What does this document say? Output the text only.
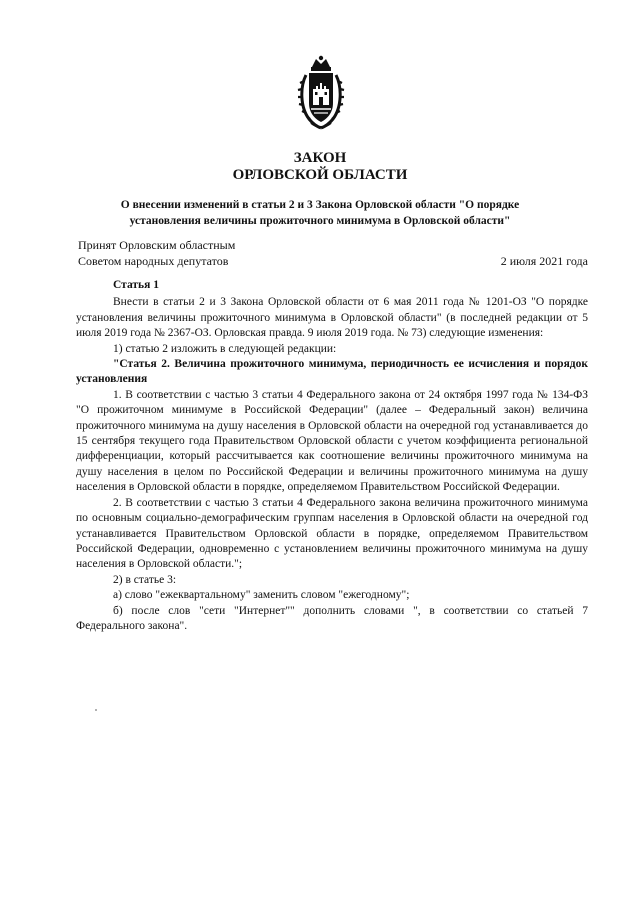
ЗАКОН
ОРЛОВСКОЙ ОБЛАСТИ

О внесении изменений в статьи 2 и 3 Закона Орловской области "О порядке установления величины прожиточного минимума в Орловской области"

Принят Орловским областным
Советом народных депутатов	2 июля 2021 года

Статья 1

Внести в статьи 2 и 3 Закона Орловской области от 6 мая 2011 года № 1201-ОЗ "О порядке установления величины прожиточного минимума в Орловской области" (в последней редакции от 5 июля 2019 года № 2367-ОЗ. Орловская правда. 9 июля 2019 года. № 73) следующие изменения:

1) статью 2 изложить в следующей редакции:

"Статья 2. Величина прожиточного минимума, периодичность ее исчисления и порядок установления

1. В соответствии с частью 3 статьи 4 Федерального закона от 24 октября 1997 года № 134-ФЗ "О прожиточном минимуме в Российской Федерации" (далее – Федеральный закон) величина прожиточного минимума на душу населения в Орловской области на очередной год устанавливается до 15 сентября текущего года Правительством Орловской области с учетом коэффициента региональной дифференциации, который рассчитывается как соотношение величины прожиточного минимума на душу населения в целом по Российской Федерации и величины прожиточного минимума на душу населения в Орловской области в порядке, определяемом Правительством Российской Федерации.

2. В соответствии с частью 3 статьи 4 Федерального закона величина прожиточного минимума по основным социально-демографическим группам населения в Орловской области на очередной год устанавливается Правительством Орловской области в порядке, определяемом Правительством Российской Федерации, одновременно с установлением величины прожиточного минимума на душу населения в Орловской области.";

2) в статье 3:

а) слово "ежеквартальному" заменить словом "ежегодному";

б) после слов "сети "Интернет"" дополнить словами ", в соответствии со статьей 7 Федерального закона".
